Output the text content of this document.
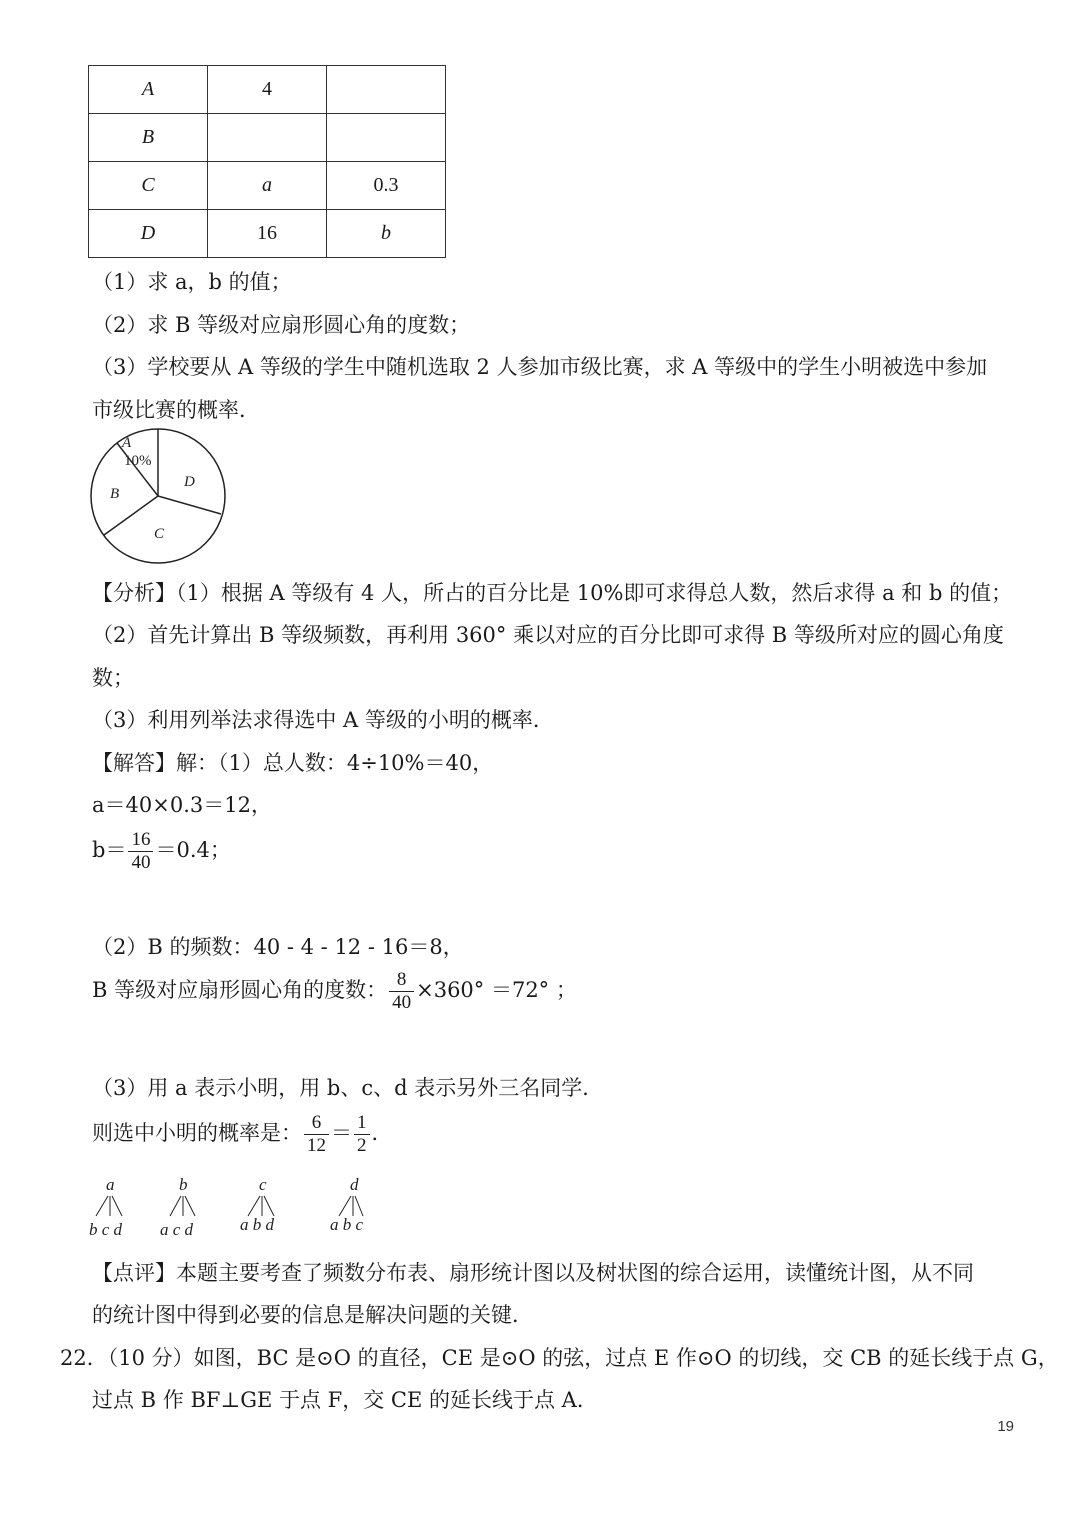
A	4	
B		
C	a	0.3
D	16	b
（1）求 a，b 的值；
（2）求 B 等级对应扇形圆心角的度数；
（3）学校要从 A 等级的学生中随机选取 2 人参加市级比赛，求 A 等级中的学生小明被选中参加
市级比赛的概率．
A
10%
B
C
D
【分析】（1）根据 A 等级有 4 人，所占的百分比是 10%即可求得总人数，然后求得 a 和 b 的值；
（2）首先计算出 B 等级频数，再利用 360° 乘以对应的百分比即可求得 B 等级所对应的圆心角度
数；
（3）利用列举法求得选中 A 等级的小明的概率．
【解答】解：（1）总人数：4÷10%＝40，
a＝40×0.3＝12，
$b= \frac{16}{40} =0.4$；
（2）B 的频数：40 - 4 - 12 - 16＝8，
B 等级对应扇形圆心角的度数： $\frac{8}{40} \times 360^\circ =72^\circ$ ；
（3）用 a 表示小明，用 b、c、d 表示另外三名同学．
则选中小明的概率是： $\frac{6}{12} = \frac{1}{2}$ ．
a
b c d
b
a c d
c
a b d
d
a b c
【点评】本题主要考查了频数分布表、扇形统计图以及树状图的综合运用，读懂统计图，从不同
的统计图中得到必要的信息是解决问题的关键．
22．（10 分）如图，BC 是⊙O 的直径，CE 是⊙O 的弦，过点 E 作⊙O 的切线，交 CB 的延长线于点 G，
过点 B 作 BF⊥GE 于点 F，交 CE 的延长线于点 A．
19
